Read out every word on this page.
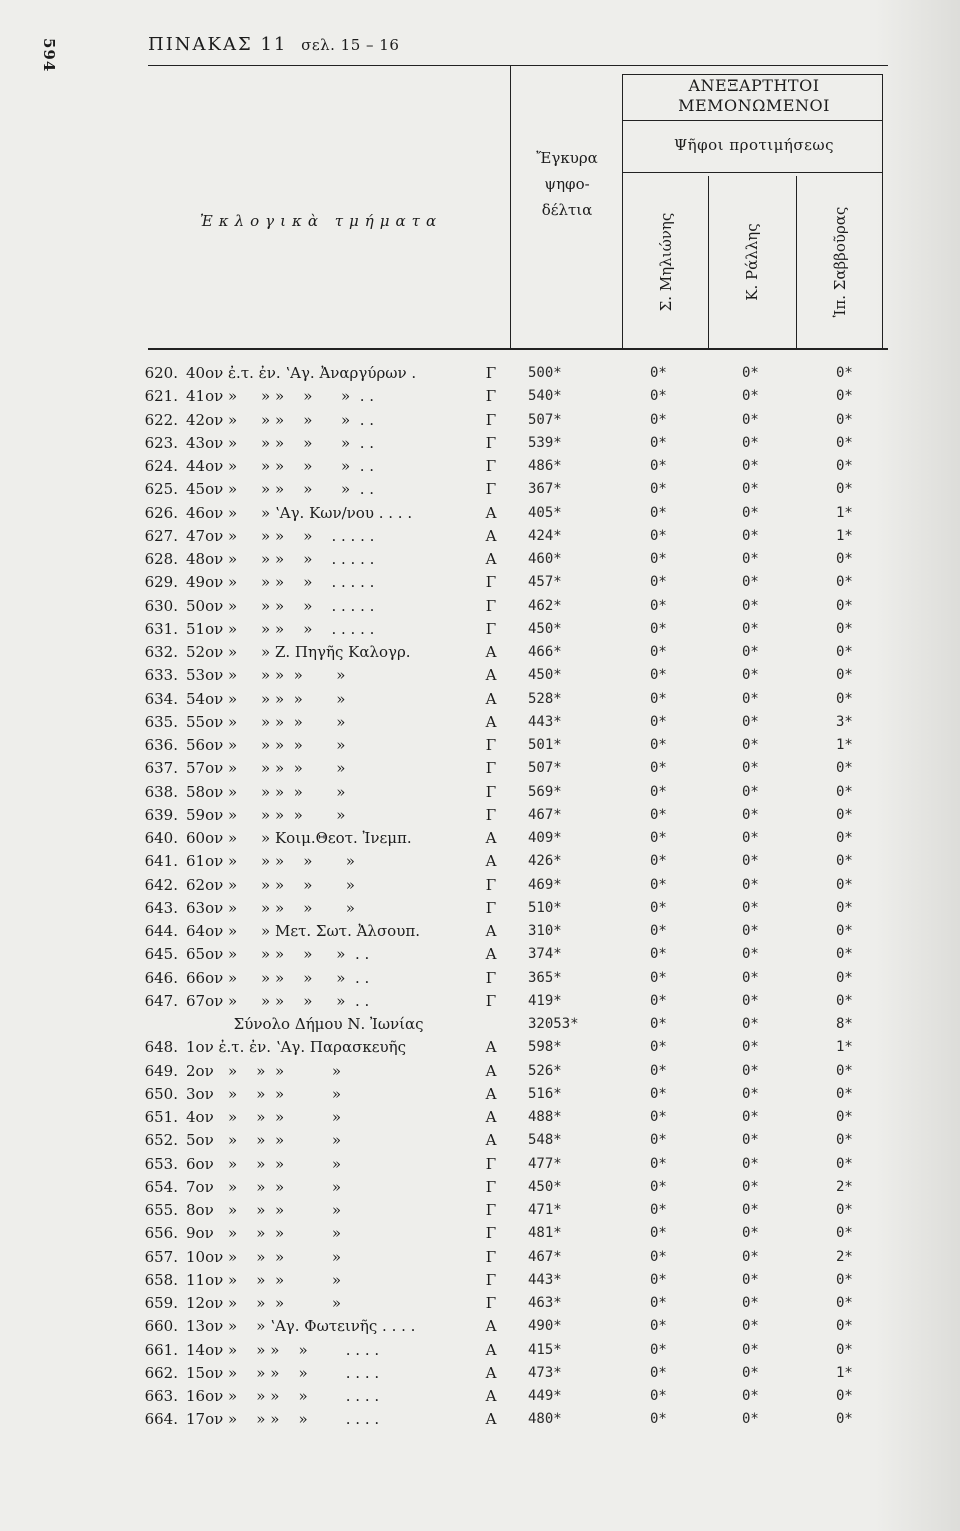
594	ΠΙΝΑΚΑΣ 11 σελ. 15 – 16
Ἐκλογικὰ τμήματα
Ἔγκυρα
ψηφο-
δέλτια
ΑΝΕΞΑΡΤΗΤΟΙ
ΜΕΜΟΝΩΜΕΝΟΙ
Ψῆφοι προτιμήσεως
Σ. Μηλιώνης	Κ. Ράλλης	Ἱπ. Σαββοῦρας
620. 40ον ἐ.τ. ἐν. ʽΑγ. Ἀναργύρων .	Γ 500*	0*	0*	0*
621. 41ον »     » »    »      »  . .	Γ 540*	0*	0*	0*
622. 42ον »     » »    »      »  . .	Γ 507*	0*	0*	0*
623. 43ον »     » »    »      »  . .	Γ 539*	0*	0*	0*
624. 44ον »     » »    »      »  . .	Γ 486*	0*	0*	0*
625. 45ον »     » »    »      »  . .	Γ 367*	0*	0*	0*
626. 46ον »     » ʽΑγ. Κων/νου . . . .	Α 405*	0*	0*	1*
627. 47ον »     » »    »    . . . . .	Α 424*	0*	0*	1*
628. 48ον »     » »    »    . . . . .	Α 460*	0*	0*	0*
629. 49ον »     » »    »    . . . . .	Γ 457*	0*	0*	0*
630. 50ον »     » »    »    . . . . .	Γ 462*	0*	0*	0*
631. 51ον »     » »    »    . . . . .	Γ 450*	0*	0*	0*
632. 52ον »     » Ζ. Πηγῆς Καλογρ.	Α 466*	0*	0*	0*
633. 53ον »     » »  »       »	Α 450*	0*	0*	0*
634. 54ον »     » »  »       »	Α 528*	0*	0*	0*
635. 55ον »     » »  »       »	Α 443*	0*	0*	3*
636. 56ον »     » »  »       »	Γ 501*	0*	0*	1*
637. 57ον »     » »  »       »	Γ 507*	0*	0*	0*
638. 58ον »     » »  »       »	Γ 569*	0*	0*	0*
639. 59ον »     » »  »       »	Γ 467*	0*	0*	0*
640. 60ον »     » Κοιμ.Θεοτ. Ἰνεμπ.	Α 409*	0*	0*	0*
641. 61ον »     » »    »       »	Α 426*	0*	0*	0*
642. 62ον »     » »    »       »	Γ 469*	0*	0*	0*
643. 63ον »     » »    »       »	Γ 510*	0*	0*	0*
644. 64ον »     » Μετ. Σωτ. Ἀλσουπ.	Α 310*	0*	0*	0*
645. 65ον »     » »    »     »  . .	Α 374*	0*	0*	0*
646. 66ον »     » »    »     »  . .	Γ 365*	0*	0*	0*
647. 67ον »     » »    »     »  . .	Γ 419*	0*	0*	0*
Σύνολο Δήμου Ν. Ἰωνίας	32053*	0*	0*	8*
648. 1ον ἐ.τ. ἐν. ʽΑγ. Παρασκευῆς	Α 598*	0*	0*	1*
649. 2ον   »    »  »          »	Α 526*	0*	0*	0*
650. 3ον   »    »  »          »	Α 516*	0*	0*	0*
651. 4ον   »    »  »          »	Α 488*	0*	0*	0*
652. 5ον   »    »  »          »	Α 548*	0*	0*	0*
653. 6ον   »    »  »          »	Γ 477*	0*	0*	0*
654. 7ον   »    »  »          »	Γ 450*	0*	0*	2*
655. 8ον   »    »  »          »	Γ 471*	0*	0*	0*
656. 9ον   »    »  »          »	Γ 481*	0*	0*	0*
657. 10ον »    »  »          »	Γ 467*	0*	0*	2*
658. 11ον »    »  »          »	Γ 443*	0*	0*	0*
659. 12ον »    »  »          »	Γ 463*	0*	0*	0*
660. 13ον »    » ʽΑγ. Φωτεινῆς . . . .	Α 490*	0*	0*	0*
661. 14ον »    » »    »        . . . .	Α 415*	0*	0*	0*
662. 15ον »    » »    »        . . . .	Α 473*	0*	0*	1*
663. 16ον »    » »    »        . . . .	Α 449*	0*	0*	0*
664. 17ον »    » »    »        . . . .	Α 480*	0*	0*	0*
